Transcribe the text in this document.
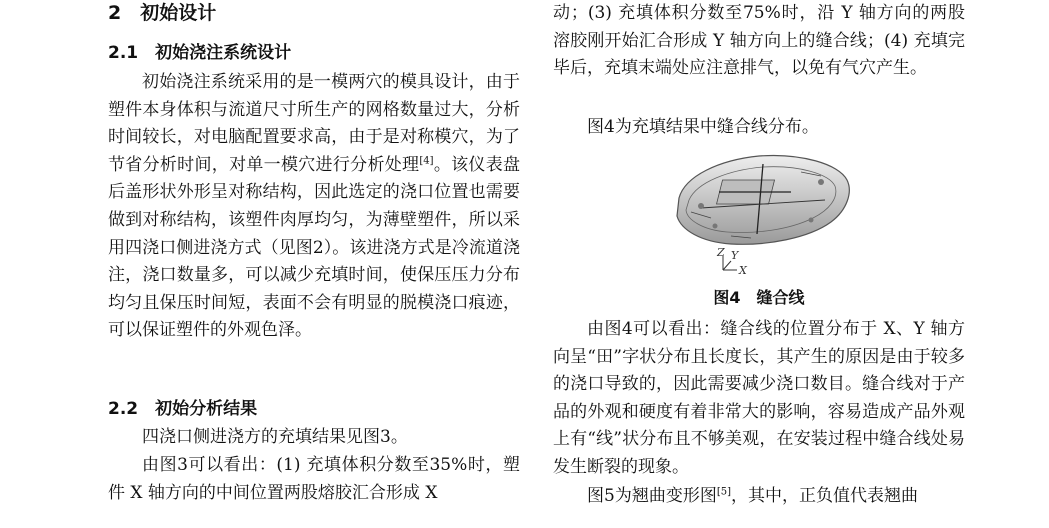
2　初始设计
2.1　初始浇注系统设计

初始浇注系统采用的是一模两穴的模具设计，由于塑件本身体积与流道尺寸所生产的网格数量过大，分析时间较长，对电脑配置要求高，由于是对称模穴，为了节省分析时间，对单一模穴进行分析处理[4]。该仪表盘后盖形状外形呈对称结构，因此选定的浇口位置也需要做到对称结构，该塑件肉厚均匀，为薄壁塑件，所以采用四浇口侧进浇方式（见图2）。该进浇方式是冷流道浇注，浇口数量多，可以减少充填时间，使保压压力分布均匀且保压时间短，表面不会有明显的脱模浇口痕迹，可以保证塑件的外观色泽。

2.2　初始分析结果

四浇口侧进浇方的充填结果见图3。

由图3可以看出：(1) 充填体积分数至35%时，塑件 X 轴方向的中间位置两股熔胶汇合形成 X

动；(3) 充填体积分数至75%时，沿 Y 轴方向的两股溶胶刚开始汇合形成 Y 轴方向上的缝合线；(4) 充填完毕后，充填末端处应注意排气，以免有气穴产生。

图4为充填结果中缝合线分布。

Z Y
X
图4　缝合线

由图4可以看出：缝合线的位置分布于 X、Y 轴方向呈“田”字状分布且长度长，其产生的原因是由于较多的浇口导致的，因此需要减少浇口数目。缝合线对于产品的外观和硬度有着非常大的影响，容易造成产品外观上有“线”状分布且不够美观，在安装过程中缝合线处易发生断裂的现象。

图5为翘曲变形图[5]，其中，正负值代表翘曲
